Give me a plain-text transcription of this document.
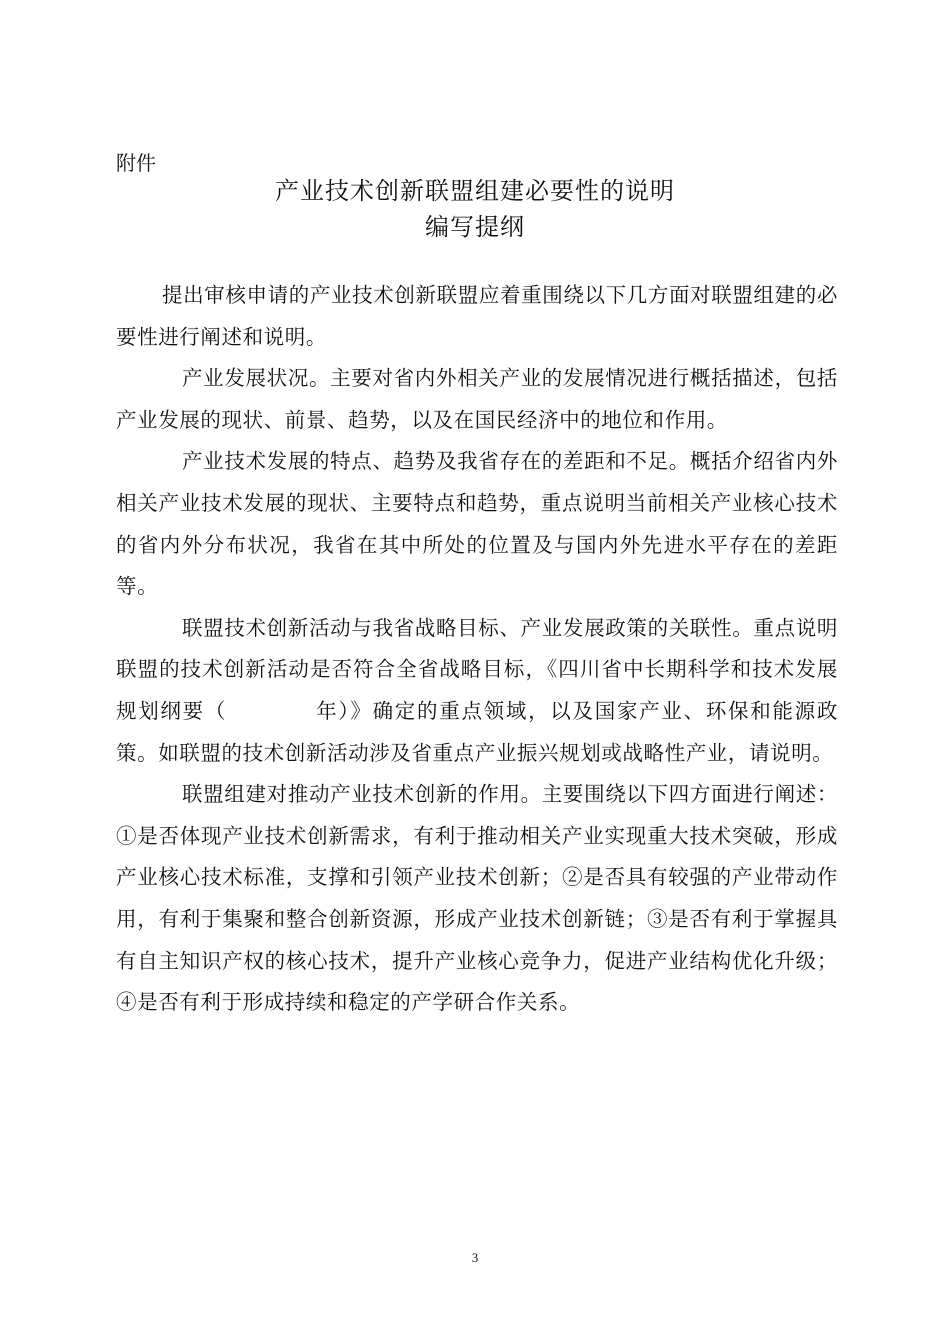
附件
产业技术创新联盟组建必要性的说明
编写提纲

提出审核申请的产业技术创新联盟应着重围绕以下几方面对联盟组建的必要性进行阐述和说明。

产业发展状况。主要对省内外相关产业的发展情况进行概括描述，包括产业发展的现状、前景、趋势，以及在国民经济中的地位和作用。

产业技术发展的特点、趋势及我省存在的差距和不足。概括介绍省内外相关产业技术发展的现状、主要特点和趋势，重点说明当前相关产业核心技术的省内外分布状况，我省在其中所处的位置及与国内外先进水平存在的差距等。

联盟技术创新活动与我省战略目标、产业发展政策的关联性。重点说明联盟的技术创新活动是否符合全省战略目标，《四川省中长期科学和技术发展规划纲要（	年）》确定的重点领域，以及国家产业、环保和能源政策。如联盟的技术创新活动涉及省重点产业振兴规划或战略性产业，请说明。

联盟组建对推动产业技术创新的作用。主要围绕以下四方面进行阐述：①是否体现产业技术创新需求，有利于推动相关产业实现重大技术突破，形成产业核心技术标准，支撑和引领产业技术创新；②是否具有较强的产业带动作用，有利于集聚和整合创新资源，形成产业技术创新链；③是否有利于掌握具有自主知识产权的核心技术，提升产业核心竞争力，促进产业结构优化升级；④是否有利于形成持续和稳定的产学研合作关系。

3
